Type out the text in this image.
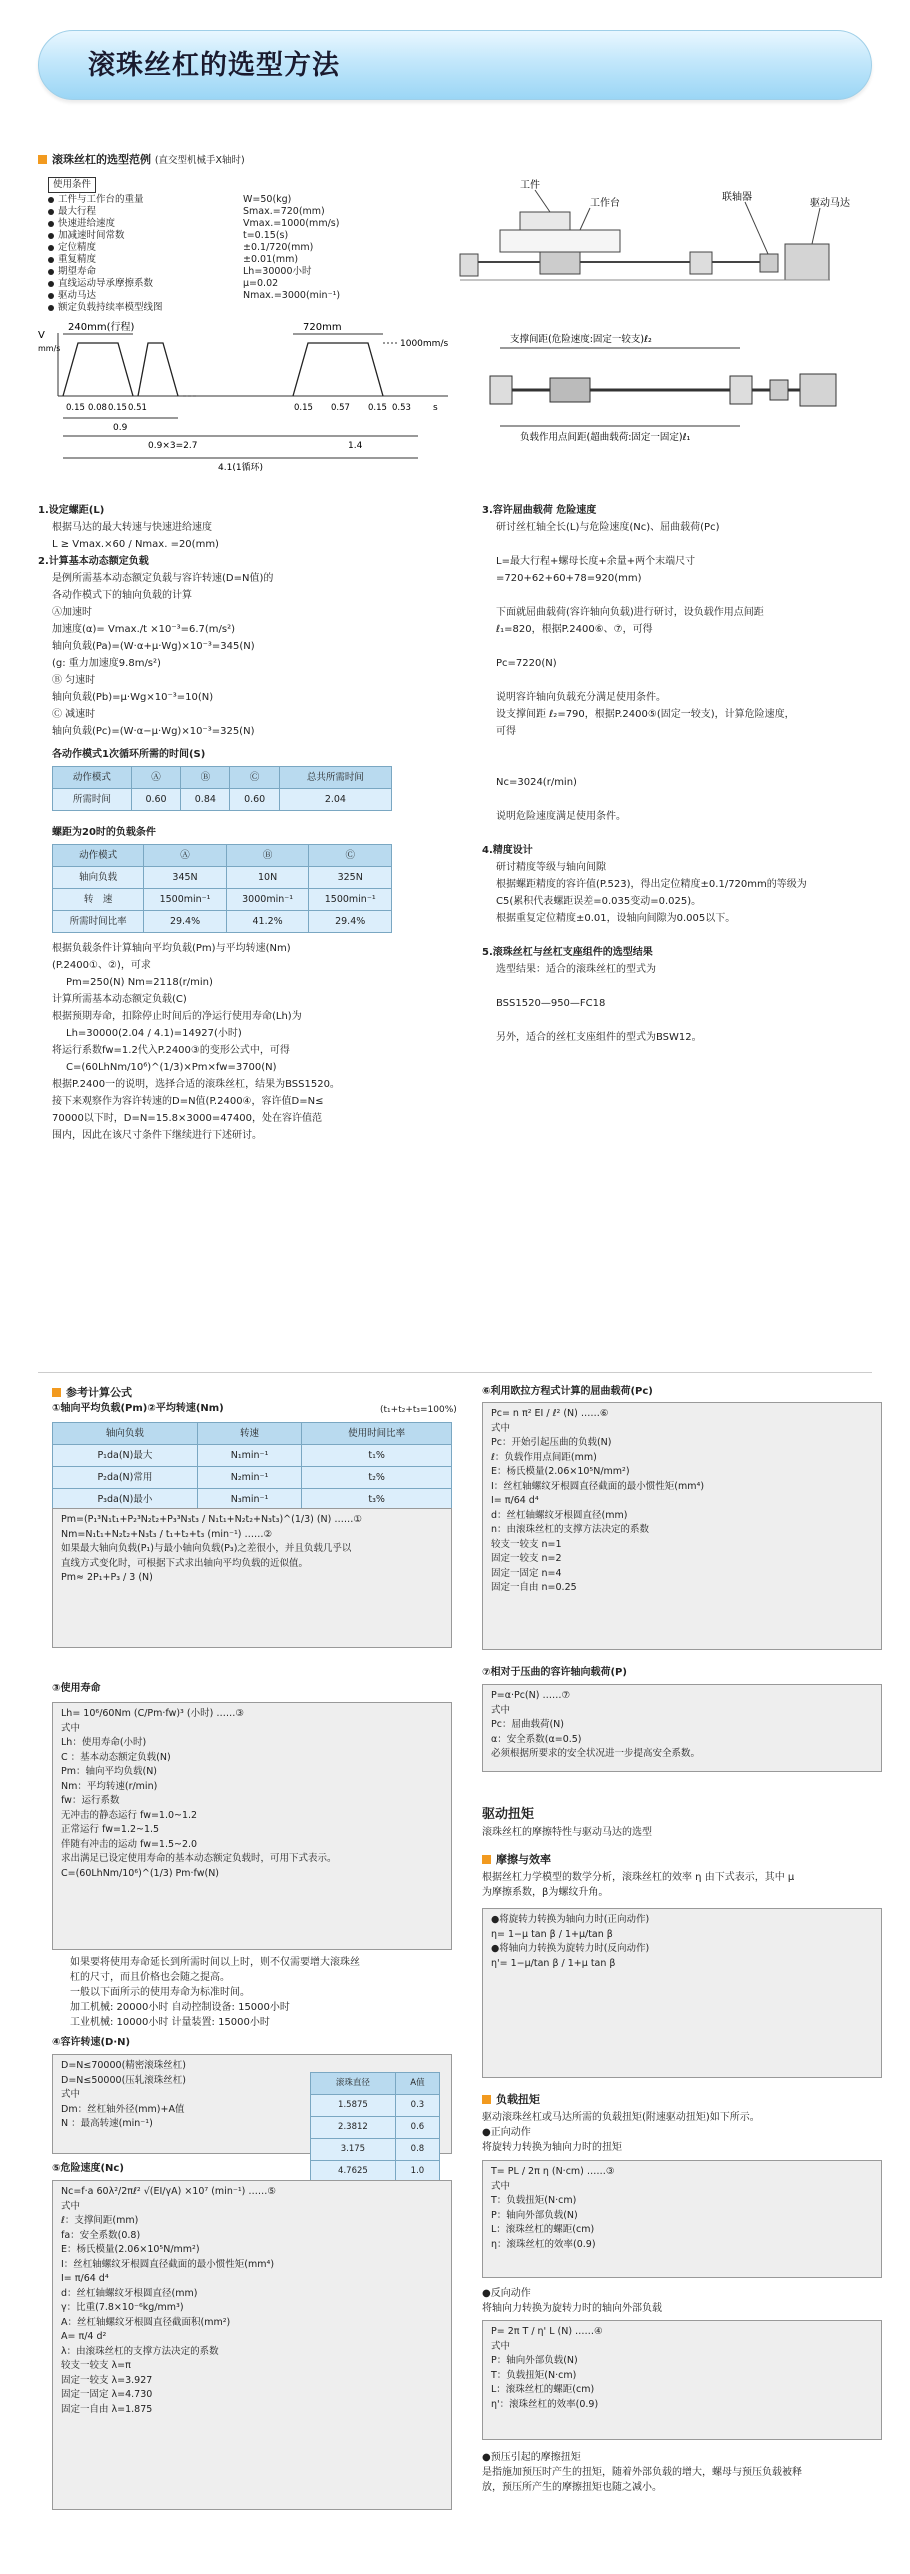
滚珠丝杠的选型方法
滚珠丝杠的选型范例 (直交型机械手X轴时)
使用条件
工件与工作台的重量	W=50(kg)
最大行程	Smax.=720(mm)
快速进给速度	Vmax.=1000(mm/s)
加减速时间常数	t=0.15(s)
定位精度	±0.1/720(mm)
重复精度	±0.01(mm)
期望寿命	Lh=30000小时
直线运动导承摩擦系数	μ=0.02
驱动马达	Nmax.=3000(min⁻¹)
额定负载持续率模型线图
工件
工作台
联轴器
驱动马达
V
mm/s
s
240mm(行程)	720mm
1000mm/s
0.15 0.08 0.15 0.51	0.15 0.57 0.15 0.53
0.9
0.9×3=2.7	1.4
4.1(1循环)
支撑间距(危险速度:固定一较支)ℓ₂
负载作用点间距(超曲载荷:固定一固定)ℓ₁

1.设定螺距(L)

根据马达的最大转速与快速进给速度

L ≥ Vmax.×60 / Nmax. =20(mm)

2.计算基本动态额定负载

是例所需基本动态额定负载与容许转速(D=N值)的

各动作模式下的轴向负载的计算

Ⓐ加速时

加速度(α)= Vmax./t ×10⁻³=6.7(m/s²)

轴向负载(Pa)=(W·α+μ·Wg)×10⁻³=345(N)

(g: 重力加速度9.8m/s²)

Ⓑ 匀速时

轴向负载(Pb)=μ·Wg×10⁻³=10(N)

Ⓒ 减速时

轴向负载(Pc)=(W·α−μ·Wg)×10⁻³=325(N)

各动作模式1次循环所需的时间(S)
动作模式	Ⓐ	Ⓑ	Ⓒ	总共所需时间
所需时间	0.60	0.84	0.60	2.04
螺距为20时的负载条件
动作模式	Ⓐ	Ⓑ	Ⓒ
轴向负载	345N	10N	325N
转　速	1500min⁻¹	3000min⁻¹	1500min⁻¹
所需时间比率	29.4%	41.2%	29.4%

根据负载条件计算轴向平均负载(Pm)与平均转速(Nm)

(P.2400①、②)，可求

Pm=250(N) Nm=2118(r/min)

计算所需基本动态额定负载(C)

根据预期寿命，扣除停止时间后的净运行使用寿命(Lh)为

Lh=30000(2.04 / 4.1)=14927(小时)

将运行系数fw=1.2代入P.2400③的变形公式中，可得

C=(60LhNm/10⁶)^(1/3)×Pm×fw=3700(N)

根据P.2400一的说明，选择合适的滚珠丝杠，结果为BSS1520。

接下来观察作为容许转速的D=N值(P.2400④，容许值D=N≤

70000以下时，D=N=15.8×3000=47400，处在容许值范

围内，因此在该尺寸条件下继续进行下述研讨。

3.容许屈曲载荷 危险速度

研讨丝杠轴全长(L)与危险速度(Nc)、屈曲载荷(Pc)

L=最大行程+螺母长度+余量+两个末端尺寸

=720+62+60+78=920(mm)

下面就屈曲载荷(容许轴向负载)进行研讨，设负载作用点间距

ℓ₁=820，根据P.2400⑥、⑦，可得

Pc=7220(N)

说明容许轴向负载充分满足使用条件。

设支撑间距 ℓ₂=790，根据P.2400⑤(固定一较支)，计算危险速度，

可得

Nc=3024(r/min)

说明危险速度满足使用条件。

4.精度设计

研讨精度等级与轴向间隙

根据螺距精度的容许值(P.523)，得出定位精度±0.1/720mm的等级为

C5(累积代表螺距误差=0.035变动=0.025)。

根据重复定位精度±0.01，设轴向间隙为0.005以下。

5.滚珠丝杠与丝杠支座组件的选型结果

选型结果：适合的滚珠丝杠的型式为

BSS1520—950—FC18

另外，适合的丝杠支座组件的型式为BSW12。

参考计算公式
①轴向平均负载(Pm)②平均转速(Nm)	(t₁+t₂+t₃=100%)
轴向负载	转速	使用时间比率
P₁da(N)最大	N₁min⁻¹	t₁%
P₂da(N)常用	N₂min⁻¹	t₂%
P₃da(N)最小	N₃min⁻¹	t₃%

Pm=(P₁³N₁t₁+P₂³N₂t₂+P₃³N₃t₃ / N₁t₁+N₂t₂+N₃t₃)^(1/3) (N) ……①

Nm=N₁t₁+N₂t₂+N₃t₃ / t₁+t₂+t₃ (min⁻¹) ……②

如果最大轴向负载(P₁)与最小轴向负载(P₃)之差很小，并且负载几乎以

直线方式变化时，可根据下式求出轴向平均负载的近似值。

Pm≈ 2P₁+P₃ / 3 (N)

③使用寿命

Lh= 10⁶/60Nm (C/Pm·fw)³ (小时) ……③

式中

Lh：使用寿命(小时)

C ：基本动态额定负载(N)

Pm：轴向平均负载(N)

Nm：平均转速(r/min)

fw：运行系数

无冲击的静态运行 fw=1.0~1.2

正常运行 fw=1.2~1.5

伴随有冲击的运动 fw=1.5~2.0

求出满足已设定使用寿命的基本动态额定负载时，可用下式表示。

C=(60LhNm/10⁶)^(1/3) Pm·fw(N)

如果要将使用寿命延长到所需时间以上时，则不仅需要增大滚珠丝

杠的尺寸，而且价格也会随之提高。

一般以下面所示的使用寿命为标准时间。

加工机械: 20000小时 自动控制设备: 15000小时

工业机械: 10000小时 计量装置: 15000小时

④容许转速(D·N)

D=N≤70000(精密滚珠丝杠)

D=N≤50000(压轧滚珠丝杠)

式中

Dm：丝杠轴外径(mm)+A值

N ：最高转速(min⁻¹)

滚珠直径	A值
1.5875	0.3
2.3812	0.6
3.175	0.8
4.7625	1.0

⑤危险速度(Nc)

Nc=f·a 60λ²/2πℓ² √(EI/γA) ×10⁷ (min⁻¹) ……⑤

式中

ℓ：支撑间距(mm)

fa：安全系数(0.8)

E：杨氏模量(2.06×10⁵N/mm²)

I：丝杠轴螺纹牙根圆直径截面的最小惯性矩(mm⁴)

I= π/64 d⁴

d：丝杠轴螺纹牙根圆直径(mm)

γ：比重(7.8×10⁻⁶kg/mm³)

A：丝杠轴螺纹牙根圆直径截面积(mm²)

A= π/4 d²

λ：由滚珠丝杠的支撑方法决定的系数

较支一较支 λ=π

固定一较支 λ=3.927

固定一固定 λ=4.730

固定一自由 λ=1.875

⑥利用欧拉方程式计算的屈曲载荷(Pc)

Pc= n π² EI / ℓ² (N) ……⑥

式中

Pc：开始引起压曲的负载(N)

ℓ：负载作用点间距(mm)

E：杨氏模量(2.06×10⁵N/mm²)

I：丝杠轴螺纹牙根圆直径截面的最小惯性矩(mm⁴)

I= π/64 d⁴

d：丝杠轴螺纹牙根圆直径(mm)

n：由滚珠丝杠的支撑方法决定的系数

较支一较支 n=1

固定一较支 n=2

固定一固定 n=4

固定一自由 n=0.25

⑦相对于压曲的容许轴向载荷(P)

P=α·Pc(N) ……⑦

式中

Pc：屈曲载荷(N)

α：安全系数(α=0.5)

必须根据所要求的安全状况进一步提高安全系数。

驱动扭矩
滚珠丝杠的摩擦特性与驱动马达的选型
摩擦与效率

根据丝杠力学模型的数学分析，滚珠丝杠的效率 η 由下式表示，其中 μ

为摩擦系数，β为螺纹升角。

●将旋转力转换为轴向力时(正向动作)

η= 1−μ tan β / 1+μ/tan β

●将轴向力转换为旋转力时(反向动作)

η'= 1−μ/tan β / 1+μ tan β

负载扭矩

驱动滚珠丝杠或马达所需的负载扭矩(附速驱动扭矩)如下所示。

●正向动作

将旋转力转换为轴向力时的扭矩

T= PL / 2π η (N·cm) ……③

式中

T：负载扭矩(N·cm)

P：轴向外部负载(N)

L：滚珠丝杠的螺距(cm)

η：滚珠丝杠的效率(0.9)

●反向动作

将轴向力转换为旋转力时的轴向外部负载

P= 2π T / η' L (N) ……④

式中

P：轴向外部负载(N)

T：负载扭矩(N·cm)

L：滚珠丝杠的螺距(cm)

η'：滚珠丝杠的效率(0.9)

●预压引起的摩擦扭矩

是指施加预压时产生的扭矩，随着外部负载的增大，螺母与预压负载被释

放，预压所产生的摩擦扭矩也随之减小。
